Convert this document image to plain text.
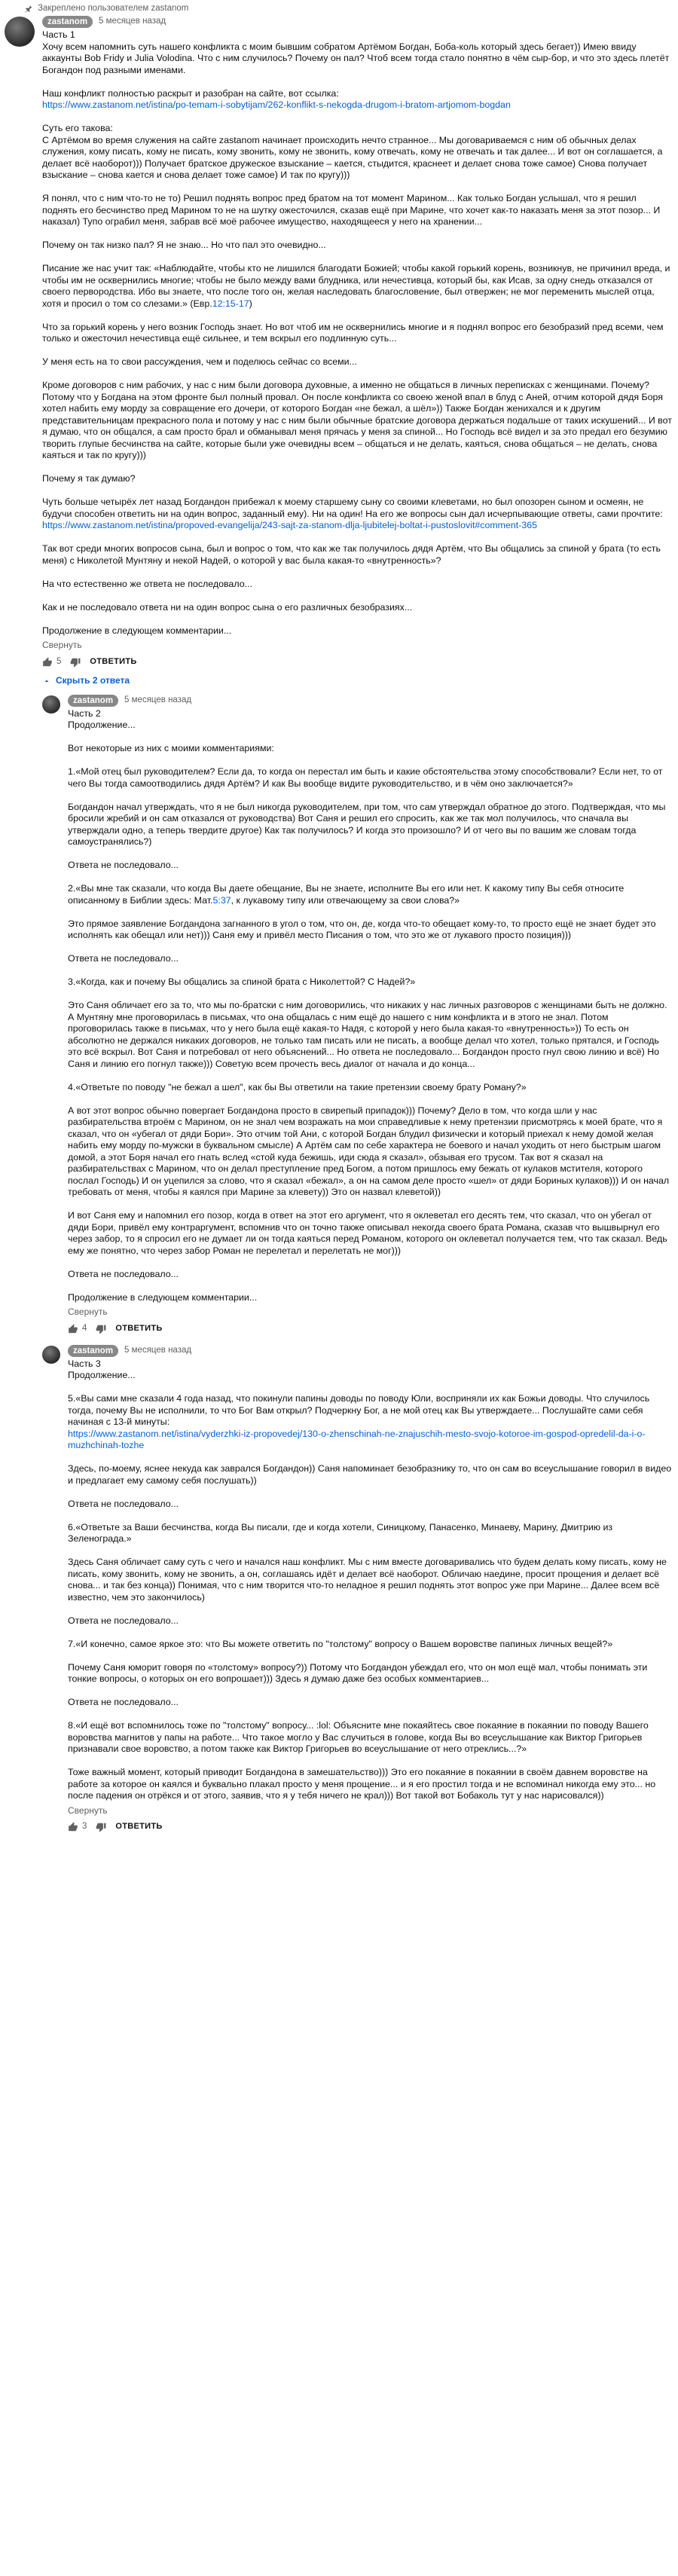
Закреплено пользователем zastanom
zastanom	5 месяцев назад
Часть 1
Хочу всем напомнить суть нашего конфликта с моим бывшим собратом Артёмом Богдан, Боба-коль который здесь бегает)) Имею ввиду аккаунты Bob Fridy и Julia Volodina. Что с ним случилось? Почему он пал? Чтоб всем тогда стало понятно в чём сыр-бор, и что это здесь плетёт Богандон под разными именами.
Наш конфликт полностью раскрыт и разобран на сайте, вот ссылка:
https://www.zastanom.net/istina/po-temam-i-sobytijam/262-konflikt-s-nekogda-drugom-i-bratom-artjomom-bogdan
Суть его такова:
С Артёмом во время служения на сайте zastanom начинает происходить нечто странное... Мы договариваемся с ним об обычных делах служения, кому писать, кому не писать, кому звонить, кому не звонить, кому отвечать, кому не отвечать и так далее... И вот он соглашается, а делает всё наоборот))) Получает братское дружеское взыскание – кается, стыдится, краснеет и делает снова тоже самое) Снова получает взыскание – снова кается и снова делает тоже самое) И так по кругу)))
Я понял, что с ним что-то не то) Решил поднять вопрос пред братом на тот момент Марином... Как только Богдан услышал, что я решил поднять его бесчинство пред Марином то не на шутку ожесточился, сказав ещё при Марине, что хочет как-то наказать меня за этот позор... И наказал) Тупо ограбил меня, забрав всё моё рабочее имущество, находящееся у него на хранении...
Почему он так низко пал? Я не знаю... Но что пал это очевидно...
Писание же нас учит так: «Наблюдайте, чтобы кто не лишился благодати Божией; чтобы какой горький корень, возникнув, не причинил вреда, и чтобы им не осквернились многие; чтобы не было между вами блудника, или нечестивца, который бы, как Исав, за одну снедь отказался от своего первородства. Ибо вы знаете, что после того он, желая наследовать благословение, был отвержен; не мог переменить мыслей отца, хотя и просил о том со слезами.» (Евр.12:15-17)
Что за горький корень у него возник Господь знает. Но вот чтоб им не осквернились многие и я поднял вопрос его безобразий пред всеми, чем только и ожесточил нечестивца ещё сильнее, и тем вскрыл его подлинную суть...
У меня есть на то свои рассуждения, чем и поделюсь сейчас со всеми...
Кроме договоров с ним рабочих, у нас с ним были договора духовные, а именно не общаться в личных переписках с женщинами. Почему? Потому что у Богдана на этом фронте был полный провал. Он после конфликта со своею женой впал в блуд с Аней, отчим которой дядя Боря хотел набить ему морду за совращение его дочери, от которого Богдан «не бежал, а шёл»)) Также Богдан женихался и к другим представительницам прекрасного пола и потому у нас с ним были обычные братские договора держаться подальше от таких искушений... И вот я думаю, что он общался, а сам просто брал и обманывал меня прячась у меня за спиной... Но Господь всё видел и за это предал его безумию творить глупые бесчинства на сайте, которые были уже очевидны всем – общаться и не делать, каяться, снова общаться – не делать, снова каяться и так по кругу)))
Почему я так думаю?
Чуть больше четырёх лет назад Богдандон прибежал к моему старшему сыну со своими клеветами, но был опозорен сыном и осмеян, не будучи способен ответить ни на один вопрос, заданный ему). Ни на один! На его же вопросы сын дал исчерпывающие ответы, сами прочтите:
https://www.zastanom.net/istina/propoved-evangelija/243-sajt-za-stanom-dlja-ljubitelej-boltat-i-pustoslovit#comment-365
Так вот среди многих вопросов сына, был и вопрос о том, что как же так получилось дядя Артём, что Вы общались за спиной у брата (то есть меня) с Николетой Мунтяну и некой Надей, о которой у вас была какая-то «внутренность»?
На что естественно же ответа не последовало...
Как и не последовало ответа ни на один вопрос сына о его различных безобразиях...
Продолжение в следующем комментарии...
Свернуть
5	ОТВЕТИТЬ
Скрыть 2 ответа
zastanom	5 месяцев назад
Часть 2
Продолжение...
Вот некоторые из них с моими комментариями:
1.«Мой отец был руководителем? Если да, то когда он перестал им быть и какие обстоятельства этому способствовали? Если нет, то от чего Вы тогда самоотводились дядя Артём? И как Вы вообще видите руководительство, и в чём оно заключается?»
Богдандон начал утверждать, что я не был никогда руководителем, при том, что сам утверждал обратное до этого. Подтверждая, что мы бросили жребий и он сам отказался от руководства) Вот Саня и решил его спросить, как же так мол получилось, что сначала вы утверждали одно, а теперь твердите другое) Как так получилось? И когда это произошло? И от чего вы по вашим же словам тогда самоустранялись?)
Ответа не последовало...
2.«Вы мне так сказали, что когда Вы даете обещание, Вы не знаете, исполните Вы его или нет. К какому типу Вы себя относите описанному в Библии здесь: Мат.5:37, к лукавому типу или отвечающему за свои слова?»
Это прямое заявление Богдандона загнанного в угол о том, что он, де, когда что-то обещает кому-то, то просто ещё не знает будет это исполнять как обещал или нет))) Саня ему и привёл место Писания о том, что это же от лукавого просто позиция)))
Ответа не последовало...
3.«Когда, как и почему Вы общались за спиной брата с Николеттой? С Надей?»
Это Саня обличает его за то, что мы по-братски с ним договорились, что никаких у нас личных разговоров с женщинами быть не должно. А Мунтяну мне проговорилась в письмах, что она общалась с ним ещё до нашего с ним конфликта и в этого не знал. Потом проговорилась также в письмах, что у него была ещё какая-то Надя, с которой у него была какая-то «внутренность»)) То есть он абсолютно не держался никаких договоров, не только там писать или не писать, а вообще делал что хотел, только прятался, и Господь это всё вскрыл. Вот Саня и потребовал от него объяснений... Но ответа не последовало... Богдандон просто гнул свою линию и всё) Но Саня и линию его погнул также))) Советую всем прочесть весь диалог от начала и до конца...
4.«Ответьте по поводу "не бежал а шел", как бы Вы ответили на такие претензии своему брату Роману?»
А вот этот вопрос обычно повергает Богдандона просто в свирепый припадок))) Почему? Дело в том, что когда шли у нас разбирательства втроём с Марином, он не знал чем возражать на мои справедливые к нему претензии присмотрясь к моей брате, что я сказал, что он «убегал от дяди Бори». Это отчим той Ани, с которой Богдан блудил физически и который приехал к нему домой желая набить ему морду по-мужски в буквальном смысле) А Артём сам по себе характера не боевого и начал уходить от него быстрым шагом домой, а этот Боря начал его гнать вслед «стой куда бежишь, иди сюда я сказал», обзывая его трусом. Так вот я сказал на разбирательствах с Марином, что он делал преступление пред Богом, а потом пришлось ему бежать от кулаков мстителя, которого послал Господь) И он уцепился за слово, что я сказал «бежал», а он на самом деле просто «шел» от дяди Бориных кулаков))) И он начал требовать от меня, чтобы я каялся при Марине за клевету)) Это он назвал клеветой))
И вот Саня ему и напомнил его позор, когда в ответ на этот его аргумент, что я оклеветал его десять тем, что сказал, что он убегал от дяди Бори, привёл ему контраргумент, вспомнив что он точно также описывал некогда своего брата Романа, сказав что вышвырнул его через забор, то я спросил его не думает ли он тогда каяться перед Романом, которого он оклеветал получается тем, что так сказал. Ведь ему же понятно, что через забор Роман не перелетал и перелетать не мог)))
Ответа не последовало...
Продолжение в следующем комментарии...
Свернуть
4	ОТВЕТИТЬ
zastanom	5 месяцев назад
Часть 3
Продолжение...
5.«Вы сами мне сказали 4 года назад, что покинули папины доводы по поводу Юли, восприняли их как Божьи доводы. Что случилось тогда, почему Вы не исполнили, то что Бог Вам открыл? Подчеркну Бог, а не мой отец как Вы утверждаете... Послушайте сами себя начиная с 13-й минуты:
https://www.zastanom.net/istina/vyderzhki-iz-propovedej/130-o-zhenschinah-ne-znajuschih-mesto-svojo-kotoroe-im-gospod-opredelil-da-i-o-muzhchinah-tozhe
Здесь, по-моему, яснее некуда как заврался Богдандон)) Саня напоминает безобразнику то, что он сам во всеуслышание говорил в видео и предлагает ему самому себя послушать))
Ответа не последовало...
6.«Ответьте за Ваши бесчинства, когда Вы писали, где и когда хотели, Синицкому, Панасенко, Минаеву, Марину, Дмитрию из Зеленограда.»
Здесь Саня обличает саму суть с чего и начался наш конфликт. Мы с ним вместе договаривались что будем делать кому писать, кому не писать, кому звонить, кому не звонить, а он, соглашаясь идёт и делает всё наоборот. Обличаю наедине, просит прощения и делает всё снова... и так без конца)) Понимая, что с ним творится что-то неладное я решил поднять этот вопрос уже при Марине... Далее всем всё известно, чем это закончилось)
Ответа не последовало...
7.«И конечно, самое яркое это: что Вы можете ответить по "толстому" вопросу о Вашем воровстве папиных личных вещей?»
Почему Саня юморит говоря по «толстому» вопросу?)) Потому что Богдандон убеждал его, что он мол ещё мал, чтобы понимать эти тонкие вопросы, о которых он его вопрошает))) Здесь я думаю даже без особых комментариев...
Ответа не последовало...
8.«И ещё вот вспомнилось тоже по "толстому" вопросу... :lol: Объясните мне покаяйтесь свое покаяние в покаянии по поводу Вашего воровства магнитов у папы на работе... Что такое могло у Вас случиться в голове, когда Вы во всеуслышание как Виктор Григорьев признавали свое воровство, а потом также как Виктор Григорьев во всеуслышание от него отреклись...?»
Тоже важный момент, который приводит Богдандона в замешательство))) Это его покаяние в покаянии в своём давнем воровстве на работе за которое он каялся и буквально плакал просто у меня прощение... и я его простил тогда и не вспоминал никогда ему это... но после падения он отрёкся и от этого, заявив, что я у тебя ничего не крал))) Вот такой вот Бобаколь тут у нас нарисовался))
Свернуть
3	ОТВЕТИТЬ
